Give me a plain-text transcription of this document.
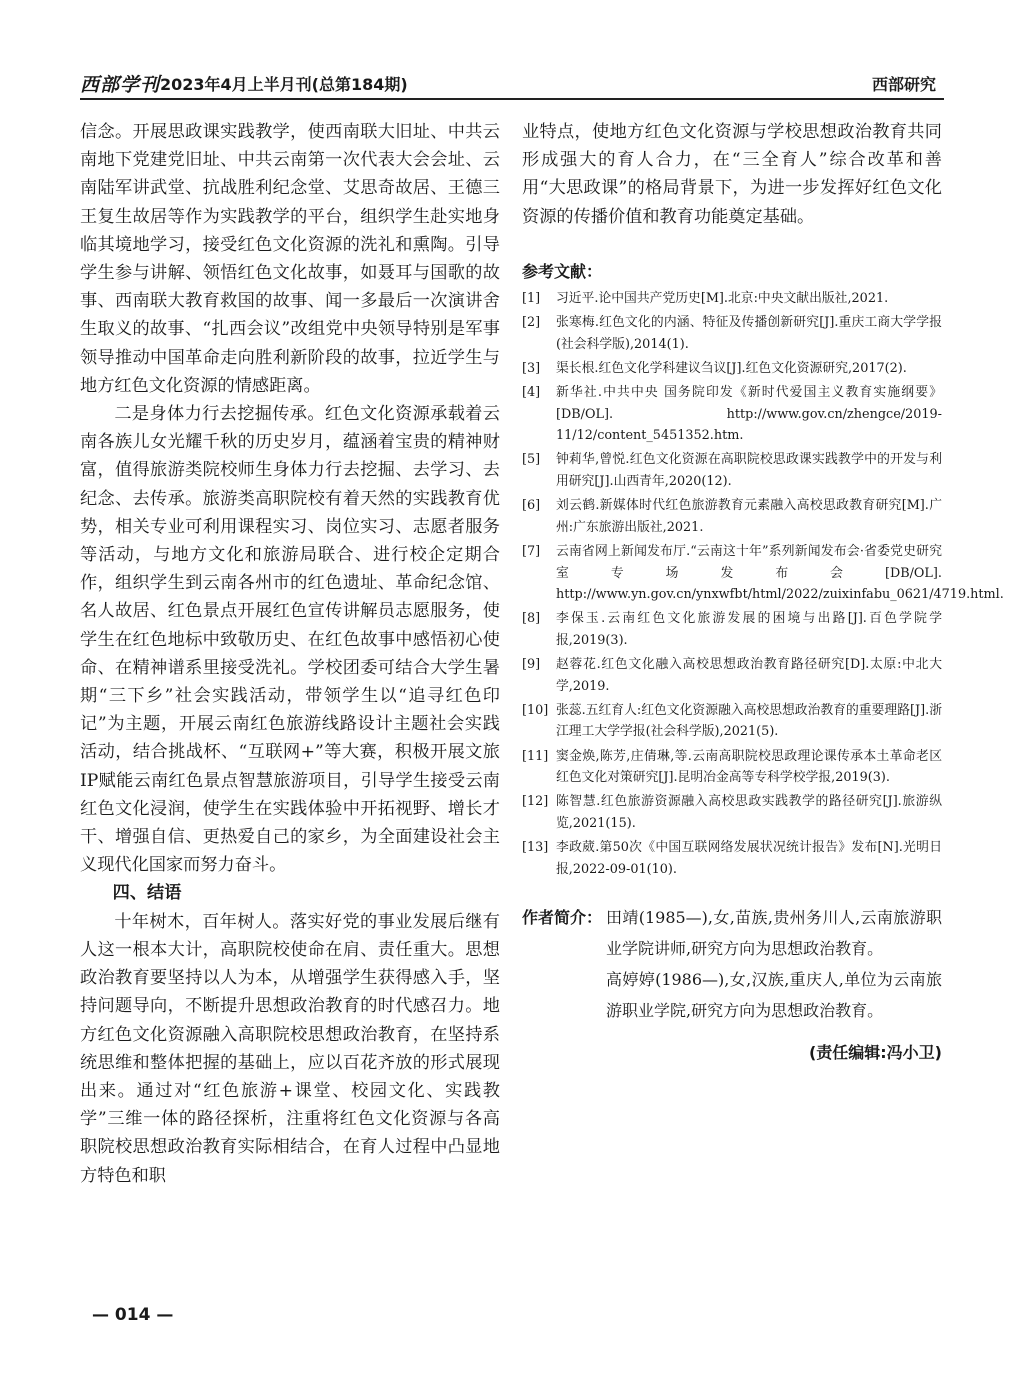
西部学刊 2023年4月上半月刊(总第184期)	西部研究

信念。开展思政课实践教学，使西南联大旧址、中共云南地下党建党旧址、中共云南第一次代表大会会址、云南陆军讲武堂、抗战胜利纪念堂、艾思奇故居、王德三王复生故居等作为实践教学的平台，组织学生赴实地身临其境地学习，接受红色文化资源的洗礼和熏陶。引导学生参与讲解、领悟红色文化故事，如聂耳与国歌的故事、西南联大教育救国的故事、闻一多最后一次演讲舍生取义的故事、“扎西会议”改组党中央领导特别是军事领导推动中国革命走向胜利新阶段的故事，拉近学生与地方红色文化资源的情感距离。

二是身体力行去挖掘传承。红色文化资源承载着云南各族儿女光耀千秋的历史岁月，蕴涵着宝贵的精神财富，值得旅游类院校师生身体力行去挖掘、去学习、去纪念、去传承。旅游类高职院校有着天然的实践教育优势，相关专业可利用课程实习、岗位实习、志愿者服务等活动，与地方文化和旅游局联合、进行校企定期合作，组织学生到云南各州市的红色遗址、革命纪念馆、名人故居、红色景点开展红色宣传讲解员志愿服务，使学生在红色地标中致敬历史、在红色故事中感悟初心使命、在精神谱系里接受洗礼。学校团委可结合大学生暑期“三下乡”社会实践活动，带领学生以“追寻红色印记”为主题，开展云南红色旅游线路设计主题社会实践活动，结合挑战杯、“互联网+”等大赛，积极开展文旅IP赋能云南红色景点智慧旅游项目，引导学生接受云南红色文化浸润，使学生在实践体验中开拓视野、增长才干、增强自信、更热爱自己的家乡，为全面建设社会主义现代化国家而努力奋斗。

四、结语

十年树木，百年树人。落实好党的事业发展后继有人这一根本大计，高职院校使命在肩、责任重大。思想政治教育要坚持以人为本，从增强学生获得感入手，坚持问题导向，不断提升思想政治教育的时代感召力。地方红色文化资源融入高职院校思想政治教育，在坚持系统思维和整体把握的基础上，应以百花齐放的形式展现出来。通过对“红色旅游+课堂、校园文化、实践教学”三维一体的路径探析，注重将红色文化资源与各高职院校思想政治教育实际相结合，在育人过程中凸显地方特色和职

业特点，使地方红色文化资源与学校思想政治教育共同形成强大的育人合力，在“三全育人”综合改革和善用“大思政课”的格局背景下，为进一步发挥好红色文化资源的传播价值和教育功能奠定基础。

参考文献：
[1] 习近平.论中国共产党历史[M].北京:中央文献出版社,2021.
[2] 张寒梅.红色文化的内涵、特征及传播创新研究[J].重庆工商大学学报(社会科学版),2014(1).
[3] 渠长根.红色文化学科建议刍议[J].红色文化资源研究,2017(2).
[4] 新华社.中共中央 国务院印发《新时代爱国主义教育实施纲要》[DB/OL]. http://www.gov.cn/zhengce/2019-11/12/content_5451352.htm.
[5] 钟莉华,曾悦.红色文化资源在高职院校思政课实践教学中的开发与利用研究[J].山西青年,2020(12).
[6] 刘云鹤.新媒体时代红色旅游教育元素融入高校思政教育研究[M].广州:广东旅游出版社,2021.
[7] 云南省网上新闻发布厅.“云南这十年”系列新闻发布会·省委党史研究室专场发布会[DB/OL]. http://www.yn.gov.cn/ynxwfbt/html/2022/zuixinfabu_0621/4719.html.
[8] 李保玉.云南红色文化旅游发展的困境与出路[J].百色学院学报,2019(3).
[9] 赵蓉花.红色文化融入高校思想政治教育路径研究[D].太原:中北大学,2019.
[10] 张蕊.五红育人:红色文化资源融入高校思想政治教育的重要理路[J].浙江理工大学学报(社会科学版),2021(5).
[11] 窦金焕,陈芳,庄倩琳,等.云南高职院校思政理论课传承本土革命老区红色文化对策研究[J].昆明冶金高等专科学校学报,2019(3).
[12] 陈智慧.红色旅游资源融入高校思政实践教学的路径研究[J].旅游纵览,2021(15).
[13] 李政葳.第50次《中国互联网络发展状况统计报告》发布[N].光明日报,2022-09-01(10).
作者简介： 田靖(1985—),女,苗族,贵州务川人,云南旅游职业学院讲师,研究方向为思想政治教育。

高婷婷(1986—),女,汉族,重庆人,单位为云南旅游职业学院,研究方向为思想政治教育。

(责任编辑:冯小卫)
— 014 —
